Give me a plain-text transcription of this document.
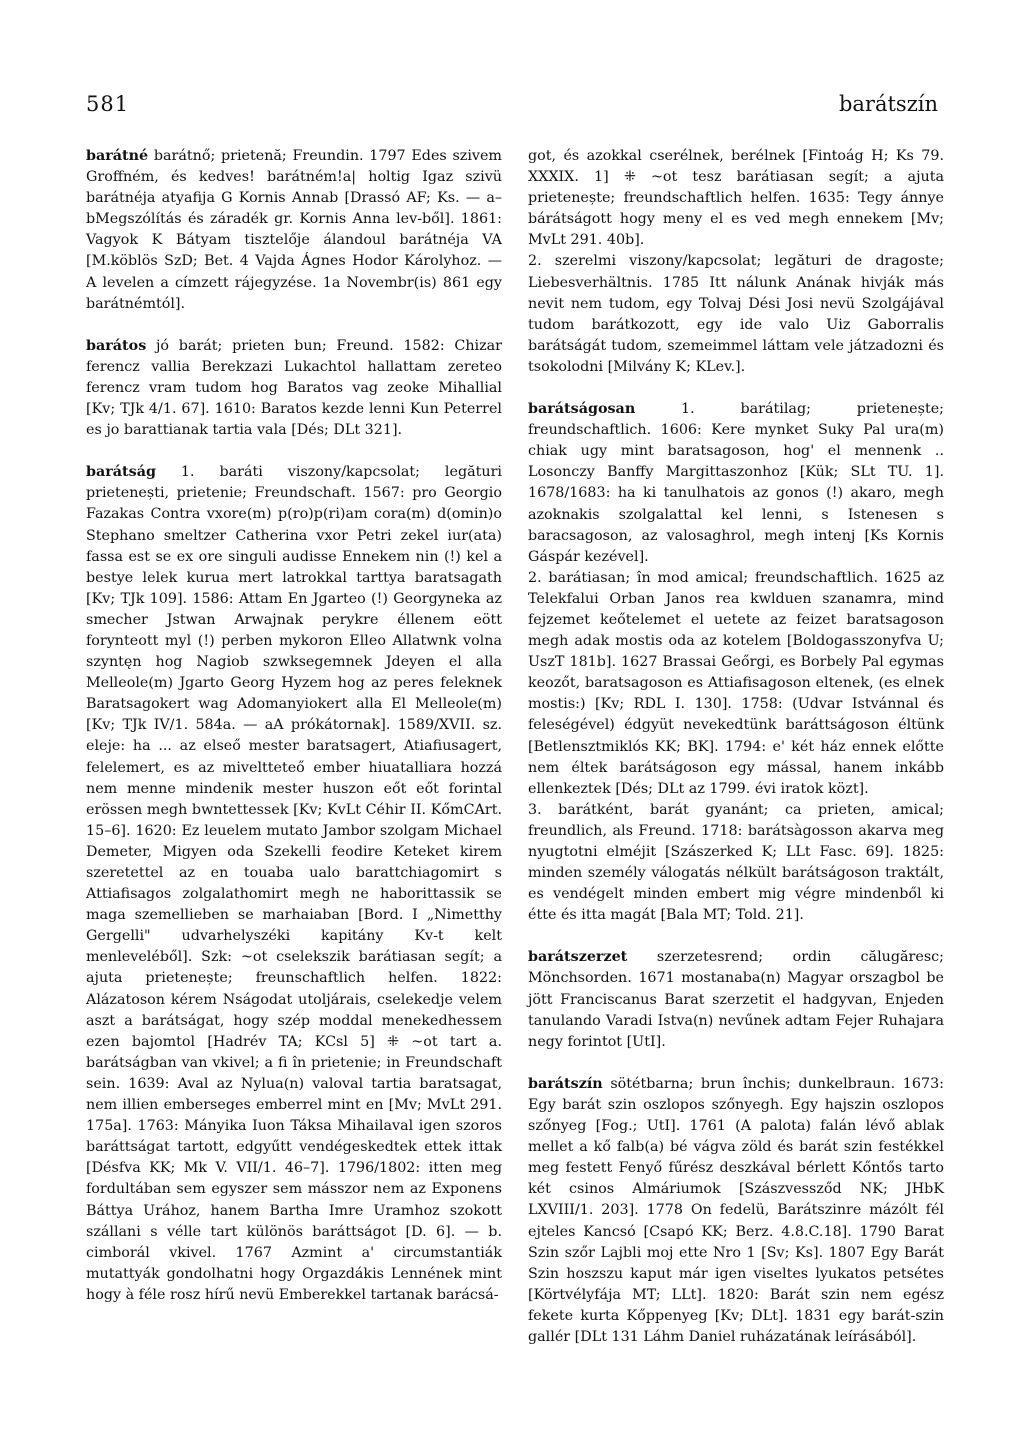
581	barátszín

barátné barátnő; prietenă; Freundin. 1797 Edes szivem Groffném, és kedves! barátném!a| holtig Igaz szivü barátnéja atyafija G Kornis Annab [Drassó AF; Ks. — a–bMegszólítás és záradék gr. Kornis Anna lev-ből]. 1861: Vagyok K Bátyam tisztelője álandoul barátnéja VA [M.köblös SzD; Bet. 4 Vajda Ágnes Hodor Károlyhoz. — A levelen a címzett rájegyzése. 1a Novembr(is) 861 egy barátnémtól].

barátos jó barát; prieten bun; Freund. 1582: Chizar ferencz vallia Berekzazi Lukachtol hallattam zereteo ferencz vram tudom hog Baratos vag zeoke Mihallial [Kv; TJk 4/1. 67]. 1610: Baratos kezde lenni Kun Peterrel es jo barattianak tartia vala [Dés; DLt 321].

barátság 1. baráti viszony/kapcsolat; legături prietenești, prietenie; Freundschaft. 1567: pro Georgio Fazakas Contra vxore(m) p(ro)p(ri)am cora(m) d(omin)o Stephano smeltzer Catherina vxor Petri zekel iur(ata) fassa est se ex ore singuli audisse Ennekem nin (!) kel a bestye lelek kurua mert latrokkal tarttya baratsagath [Kv; TJk 109]. 1586: Attam En Jgarteo (!) Georgyneka az smecher Jstwan Arwajnak perykre éllenem eött forynteott myl (!) perben mykoron Elleo Allatwnk volna szyntęn hog Nagiob szwksegemnek Jdeyen el alla Melleole(m) Jgarto Georg Hyzem hog az peres feleknek Baratsagokert wag Adomanyiokert alla El Melleole(m) [Kv; TJk IV/1. 584a. — aA prókátornak]. 1589/XVII. sz. eleje: ha ... az elseő mester baratsagert, Atiafiusagert, felelemert, es az miveltteteő ember hiuatalliara hozzá nem menne mindenik mester huszon eőt eőt forintal erössen megh bwntettessek [Kv; KvLt Céhir II. KőmCArt. 15–6]. 1620: Ez leuelem mutato Jambor szolgam Michael Demeter, Migyen oda Szekelli feodire Keteket kirem szeretettel az en touaba ualo barattchiagomirt s Attiafisagos zolgalathomirt megh ne haborittassik se maga szemellieben se marhaiaban [Bord. I „Nimetthy Gergelli" udvarhelyszéki kapitány Kv-t kelt menleveléből]. Szk: ~ot cselekszik barátiasan segít; a ajuta prietenește; freunschaftlich helfen. 1822: Alázatoson kérem Nságodat utoljárais, cselekedje velem aszt a barátságat, hogy szép moddal menekedhessem ezen bajomtol [Hadrév TA; KCsl 5] ⁜ ~ot tart a. barátságban van vkivel; a fi în prietenie; in Freundschaft sein. 1639: Aval az Nylua(n) valoval tartia baratsagat, nem illien emberseges emberrel mint en [Mv; MvLt 291. 175a]. 1763: Mányika Iuon Táksa Mihailaval igen szoros baráttságat tartott, edgyűtt vendégeskedtek ettek ittak [Désfva KK; Mk V. VII/1. 46–7]. 1796/1802: itten meg fordultában sem egyszer sem másszor nem az Exponens Báttya Urához, hanem Bartha Imre Uramhoz szokott szállani s vélle tart különös baráttságot [D. 6]. — b. cimborál vkivel. 1767 Azmint a' circumstantiák mutattyák gondolhatni hogy Orgazdákis Lennének mint hogy à féle rosz hírű nevü Emberekkel tartanak barácsá-

got, és azokkal cserélnek, berélnek [Fintoág H; Ks 79. XXXIX. 1] ⁜ ~ot tesz barátiasan segít; a ajuta prietenește; freundschaftlich helfen. 1635: Tegy ánnye bárátságott hogy meny el es ved megh ennekem [Mv; MvLt 291. 40b].

2. szerelmi viszony/kapcsolat; legături de dragoste; Liebesverhältnis. 1785 Itt nálunk Anának hivják más nevit nem tudom, egy Tolvaj Dési Josi nevü Szolgájával tudom barátkozott, egy ide valo Uiz Gaborralis barátságát tudom, szemeimmel láttam vele játzadozni és tsokolodni [Milvány K; KLev.].

barátságosan 1. barátilag; prietenește; freundschaftlich. 1606: Kere mynket Suky Pal ura(m) chiak ugy mint baratsagoson, hog' el mennenk .. Losonczy Banffy Margittaszonhoz [Kük; SLt TU. 1]. 1678/1683: ha ki tanulhatois az gonos (!) akaro, megh azoknakis szolgalattal kel lenni, s Istenesen s baracsagoson, az valosaghrol, megh intenj [Ks Kornis Gáspár kezével].

2. barátiasan; în mod amical; freundschaftlich. 1625 az Telekfalui Orban Janos rea kwlduen szanamra, mind fejzemet keőtelemet el uetete az feizet baratsagoson megh adak mostis oda az kotelem [Boldogasszonyfva U; UszT 181b]. 1627 Brassai Geőrgi, es Borbely Pal egymas keozőt, baratsagoson es Attiafisagoson eltenek, (es elnek mostis:) [Kv; RDL I. 130]. 1758: (Udvar Istvánnal és feleségével) édgyüt nevekedtünk baráttságoson éltünk [Betlensztmiklós KK; BK]. 1794: e' két ház ennek előtte nem éltek barátságoson egy mással, hanem inkább ellenkeztek [Dés; DLt az 1799. évi iratok közt].

3. barátként, barát gyanánt; ca prieten, amical; freundlich, als Freund. 1718: barátsàgosson akarva meg nyugtotni elméjit [Szászerked K; LLt Fasc. 69]. 1825: minden személy válogatás nélkült barátságoson traktált, es vendégelt minden embert mig végre mindenből ki étte és itta magát [Bala MT; Told. 21].

barátszerzet szerzetesrend; ordin călugăresc; Mönchsorden. 1671 mostanaba(n) Magyar orszagbol be jött Franciscanus Barat szerzetit el hadgyvan, Enjeden tanulando Varadi Istva(n) nevűnek adtam Fejer Ruhajara negy forintot [UtI].

barátszín sötétbarna; brun închis; dunkelbraun. 1673: Egy barát szin oszlopos szőnyegh. Egy hajszin oszlopos szőnyeg [Fog.; UtI]. 1761 (A palota) falán lévő ablak mellet a kő falb(a) bé vágva zöld és barát szin festékkel meg festett Fenyő fűrész deszkával bérlett Kőntős tarto két csinos Almáriumok [Szászvessződ NK; JHbK LXVIII/1. 203]. 1778 On fedelü, Barátszinre mázólt fél ejteles Kancsó [Csapó KK; Berz. 4.8.C.18]. 1790 Barat Szin szőr Lajbli moj ette Nro 1 [Sv; Ks]. 1807 Egy Barát Szin hoszszu kaput már igen viseltes lyukatos petsétes [Körtvélyfája MT; LLt]. 1820: Barát szin nem egész fekete kurta Kőppenyeg [Kv; DLt]. 1831 egy barát-szin gallér [DLt 131 Láhm Daniel ruházatának leírásából].
